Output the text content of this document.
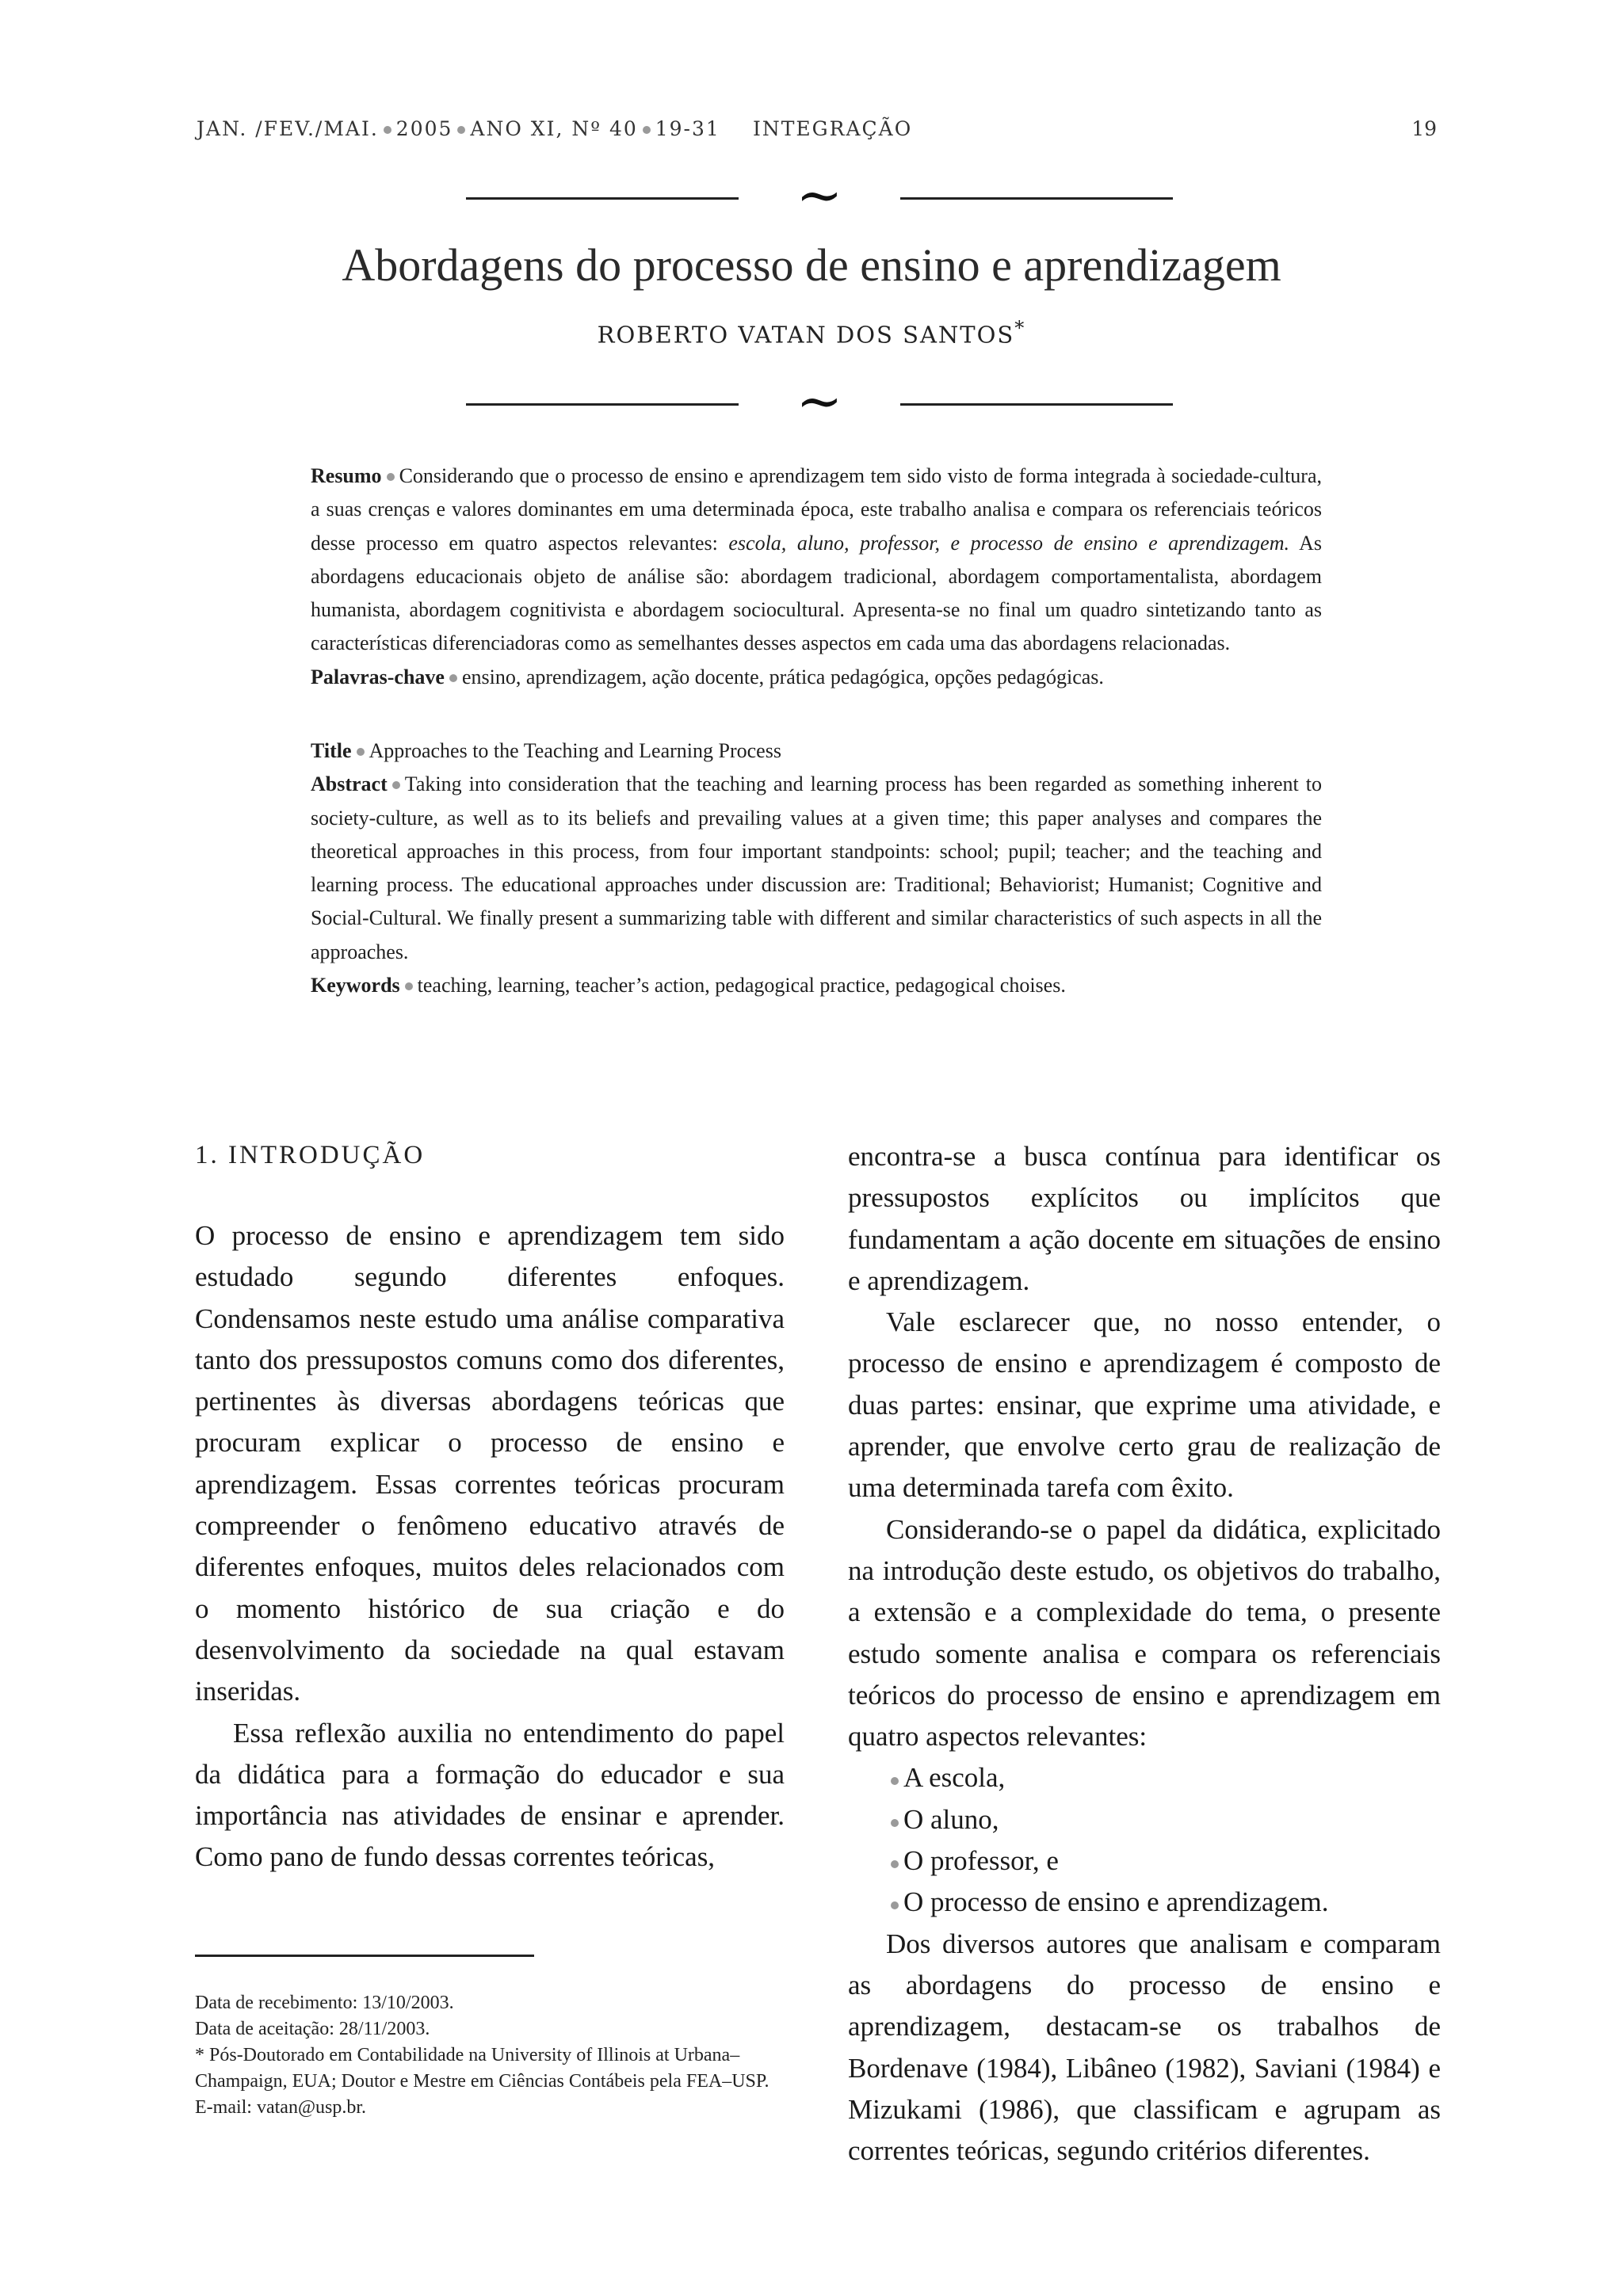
JAN. /FEV./MAI. 2005 ANO XI, Nº 40 19-31 INTEGRAÇÃO	19
~
Abordagens do processo de ensino e aprendizagem
ROBERTO VATAN DOS SANTOS*
~

Resumo Considerando que o processo de ensino e aprendizagem tem sido visto de forma integrada à sociedade-cultura, a suas crenças e valores dominantes em uma determinada época, este trabalho analisa e compara os referenciais teóricos desse processo em quatro aspectos relevantes: escola, aluno, professor, e processo de ensino e aprendizagem. As abordagens educacionais objeto de análise são: abordagem tradicional, abordagem comportamentalista, abordagem humanista, abordagem cognitivista e abordagem sociocultural. Apresenta-se no final um quadro sintetizando tanto as características diferenciadoras como as semelhantes desses aspectos em cada uma das abordagens relacionadas.

Palavras-chave ensino, aprendizagem, ação docente, prática pedagógica, opções pedagógicas.

Title Approaches to the Teaching and Learning Process

Abstract Taking into consideration that the teaching and learning process has been regarded as something inherent to society-culture, as well as to its beliefs and prevailing values at a given time; this paper analyses and compares the theoretical approaches in this process, from four important standpoints: school; pupil; teacher; and the teaching and learning process. The educational approaches under discussion are: Traditional; Behaviorist; Humanist; Cognitive and Social-Cultural. We finally present a summarizing table with different and similar characteristics of such aspects in all the approaches.

Keywords teaching, learning, teacher’s action, pedagogical practice, pedagogical choises.

1. INTRODUÇÃO

O processo de ensino e aprendizagem tem sido estudado segundo diferentes enfoques. Condensamos neste estudo uma análise comparativa tanto dos pressupostos comuns como dos diferentes, pertinentes às diversas abordagens teóricas que procuram explicar o processo de ensino e aprendizagem. Essas correntes teóricas procuram compreender o fenômeno educativo através de diferentes enfoques, muitos deles relacionados com o momento histórico de sua criação e do desenvolvimento da sociedade na qual estavam inseridas.

Essa reflexão auxilia no entendimento do papel da didática para a formação do educador e sua importância nas atividades de ensinar e aprender. Como pano de fundo dessas correntes teóricas,

encontra-se a busca contínua para identificar os pressupostos explícitos ou implícitos que fundamentam a ação docente em situações de ensino e aprendizagem.

Vale esclarecer que, no nosso entender, o processo de ensino e aprendizagem é composto de duas partes: ensinar, que exprime uma atividade, e aprender, que envolve certo grau de realização de uma determinada tarefa com êxito.

Considerando-se o papel da didática, explicitado na introdução deste estudo, os objetivos do trabalho, a extensão e a complexidade do tema, o presente estudo somente analisa e compara os referenciais teóricos do processo de ensino e aprendizagem em quatro aspectos relevantes:

A escola,
O aluno,
O professor, e
O processo de ensino e aprendizagem.

Dos diversos autores que analisam e comparam as abordagens do processo de ensino e aprendizagem, destacam-se os trabalhos de Bordenave (1984), Libâneo (1982), Saviani (1984) e Mizukami (1986), que classificam e agrupam as correntes teóricas, segundo critérios diferentes.

Data de recebimento: 13/10/2003.

Data de aceitação: 28/11/2003.

* Pós-Doutorado em Contabilidade na University of Illinois at Urbana–Champaign, EUA; Doutor e Mestre em Ciências Contábeis pela FEA–USP.

E-mail: vatan@usp.br.
